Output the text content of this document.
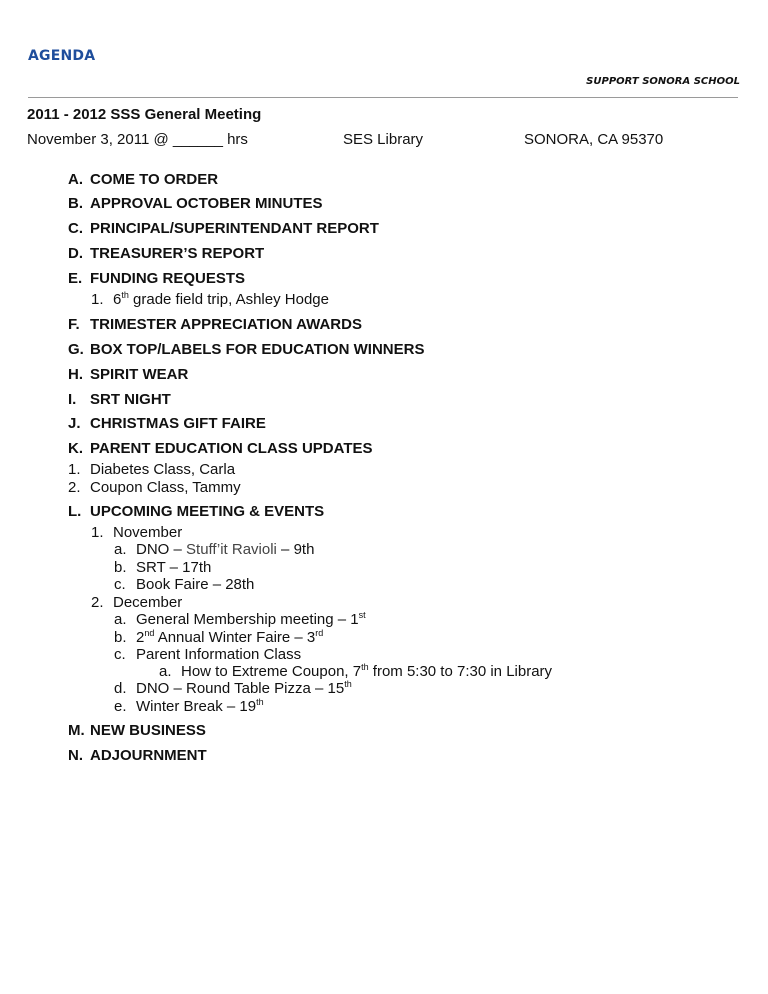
AGENDA
SUPPORT SONORA SCHOOL
2011 - 2012 SSS General Meeting
November 3, 2011 @ ______ hrs	SES Library	SONORA, CA 95370
A. COME TO ORDER
B. APPROVAL OCTOBER MINUTES
C. PRINCIPAL/SUPERINTENDANT REPORT
D. TREASURER’S REPORT
E. FUNDING REQUESTS
1. 6th grade field trip, Ashley Hodge
F. TRIMESTER APPRECIATION AWARDS
G. BOX TOP/LABELS FOR EDUCATION WINNERS
H. SPIRIT WEAR
I. SRT NIGHT
J. CHRISTMAS GIFT FAIRE
K. PARENT EDUCATION CLASS UPDATES
1. Diabetes Class, Carla
2. Coupon Class, Tammy
L. UPCOMING MEETING & EVENTS
1. November
a. DNO – Stuff’it Ravioli – 9th
b. SRT – 17th
c. Book Faire – 28th
2. December
a. General Membership meeting – 1st
b. 2nd Annual Winter Faire – 3rd
c. Parent Information Class
a. How to Extreme Coupon, 7th from 5:30 to 7:30 in Library
d. DNO – Round Table Pizza – 15th
e. Winter Break – 19th
M. NEW BUSINESS
N. ADJOURNMENT
